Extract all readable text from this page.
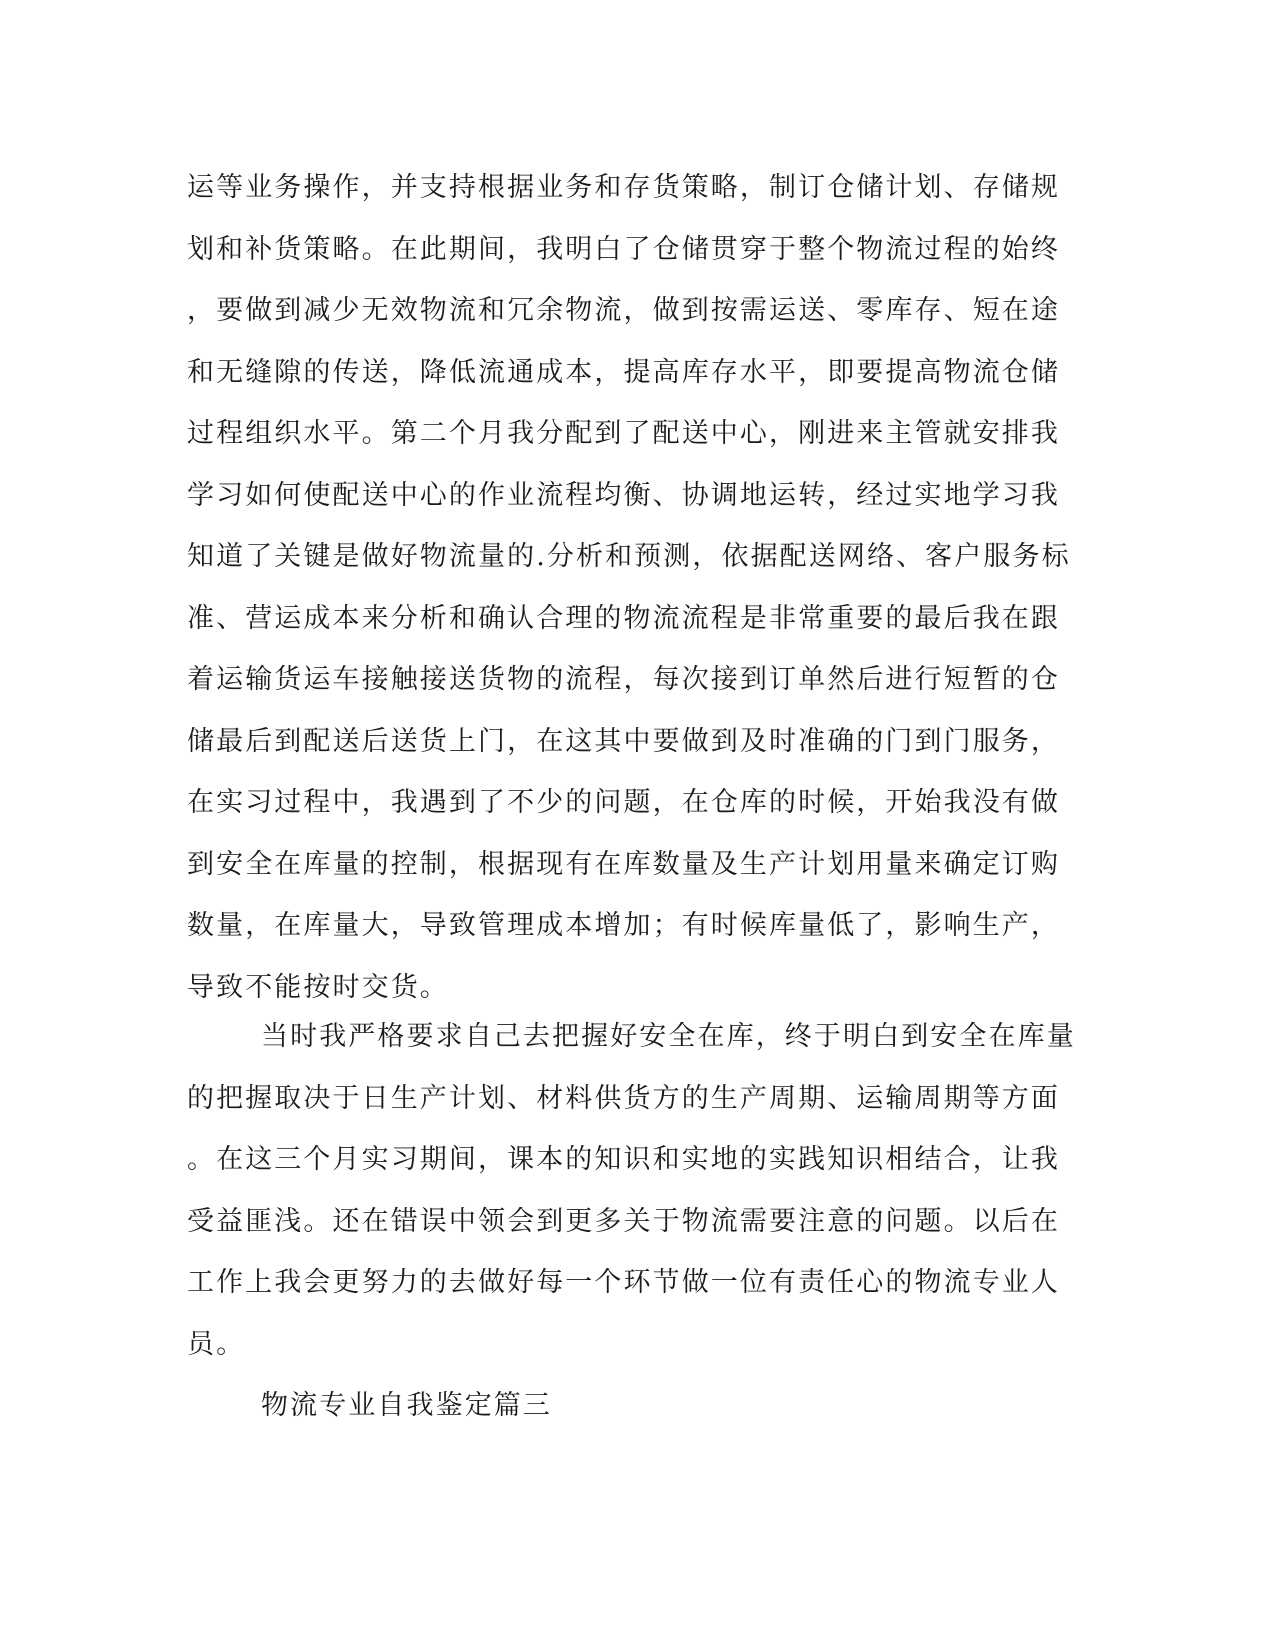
运等业务操作，并支持根据业务和存货策略，制订仓储计划、存储规
划和补货策略。在此期间，我明白了仓储贯穿于整个物流过程的始终
，要做到减少无效物流和冗余物流，做到按需运送、零库存、短在途
和无缝隙的传送，降低流通成本，提高库存水平，即要提高物流仓储
过程组织水平。第二个月我分配到了配送中心，刚进来主管就安排我
学习如何使配送中心的作业流程均衡、协调地运转，经过实地学习我
知道了关键是做好物流量的.分析和预测，依据配送网络、客户服务标
准、营运成本来分析和确认合理的物流流程是非常重要的最后我在跟
着运输货运车接触接送货物的流程，每次接到订单然后进行短暂的仓
储最后到配送后送货上门，在这其中要做到及时准确的门到门服务，
在实习过程中，我遇到了不少的问题，在仓库的时候，开始我没有做
到安全在库量的控制，根据现有在库数量及生产计划用量来确定订购
数量，在库量大，导致管理成本增加；有时候库量低了，影响生产，
导致不能按时交货。
当时我严格要求自己去把握好安全在库，终于明白到安全在库量
的把握取决于日生产计划、材料供货方的生产周期、运输周期等方面
。在这三个月实习期间，课本的知识和实地的实践知识相结合，让我
受益匪浅。还在错误中领会到更多关于物流需要注意的问题。以后在
工作上我会更努力的去做好每一个环节做一位有责任心的物流专业人
员。
物流专业自我鉴定篇三
